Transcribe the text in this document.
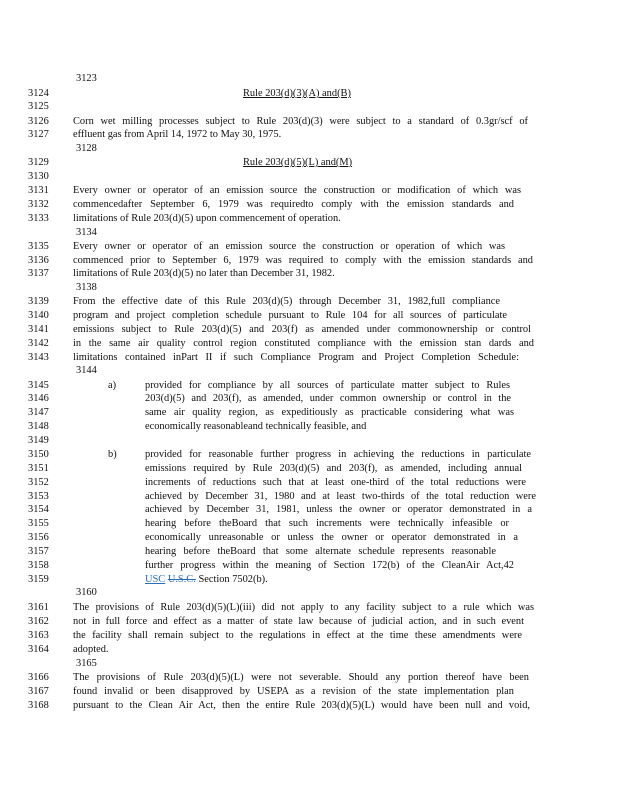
3123
3128
3134
3138
3144
3160
3165
3124
3125
3126
3127
3129
3130
3131
3132
3133
3135
3136
3137
3139
3140
3141
3142
3143
3145
3146
3147
3148
3149
3150
3151
3152
3153
3154
3155
3156
3157
3158
3159
3161
3162
3163
3164
3166
3167
3168
Rule 203(d)(3)(A) and(B)
Rule 203(d)(5)(L) and(M)
Corn wet milling processes subject to Rule 203(d)(3) were subject to a standard of 0.3gr/scf of
effluent gas from April 14, 1972 to May 30, 1975.
Every owner or operator of an emission source the construction or modification of which was
commencedafter September 6, 1979 was requiredto comply with the emission standards and
limitations of Rule 203(d)(5) upon commencement of operation.
Every owner or operator of an emission source the construction or operation of which was
commenced prior to September 6, 1979 was required to comply with the emission standards and
limitations of Rule 203(d)(5) no later than December 31, 1982.
From the effective date of this Rule 203(d)(5) through December 31, 1982,full compliance
program and project completion schedule pursuant to Rule 104 for all sources of particulate
emissions subject to Rule 203(d)(5) and 203(f) as amended under commonownership or control
in the same air quality control region constituted compliance with the emission stan dards and
limitations contained inPart II if such Compliance Program and Project Completion Schedule:
a)	provided for compliance by all sources of particulate matter subject to Rules
203(d)(5) and 203(f), as amended, under common ownership or control in the
same air quality region, as expeditiously as practicable considering what was
economically reasonableand technically feasible, and
b)	provided for reasonable further progress in achieving the reductions in particulate
emissions required by Rule 203(d)(5) and 203(f), as amended, including annual
increments of reductions such that at least one-third of the total reductions were
achieved by December 31, 1980 and at least two-thirds of the total reduction were
achieved by December 31, 1981, unless the owner or operator demonstrated in a
hearing before theBoard that such increments were technically infeasible or
economically unreasonable or unless the owner or operator demonstrated in a
hearing before theBoard that some alternate schedule represents reasonable
further progress within the meaning of Section 172(b) of the CleanAir Act,42
USC U.S.C. Section 7502(b).
The provisions of Rule 203(d)(5)(L)(iii) did not apply to any facility subject to a rule which was
not in full force and effect as a matter of state law because of judicial action, and in such event
the facility shall remain subject to the regulations in effect at the time these amendments were
adopted.
The provisions of Rule 203(d)(5)(L) were not severable. Should any portion thereof have been
found invalid or been disapproved by USEPA as a revision of the state implementation plan
pursuant to the Clean Air Act, then the entire Rule 203(d)(5)(L) would have been null and void,
